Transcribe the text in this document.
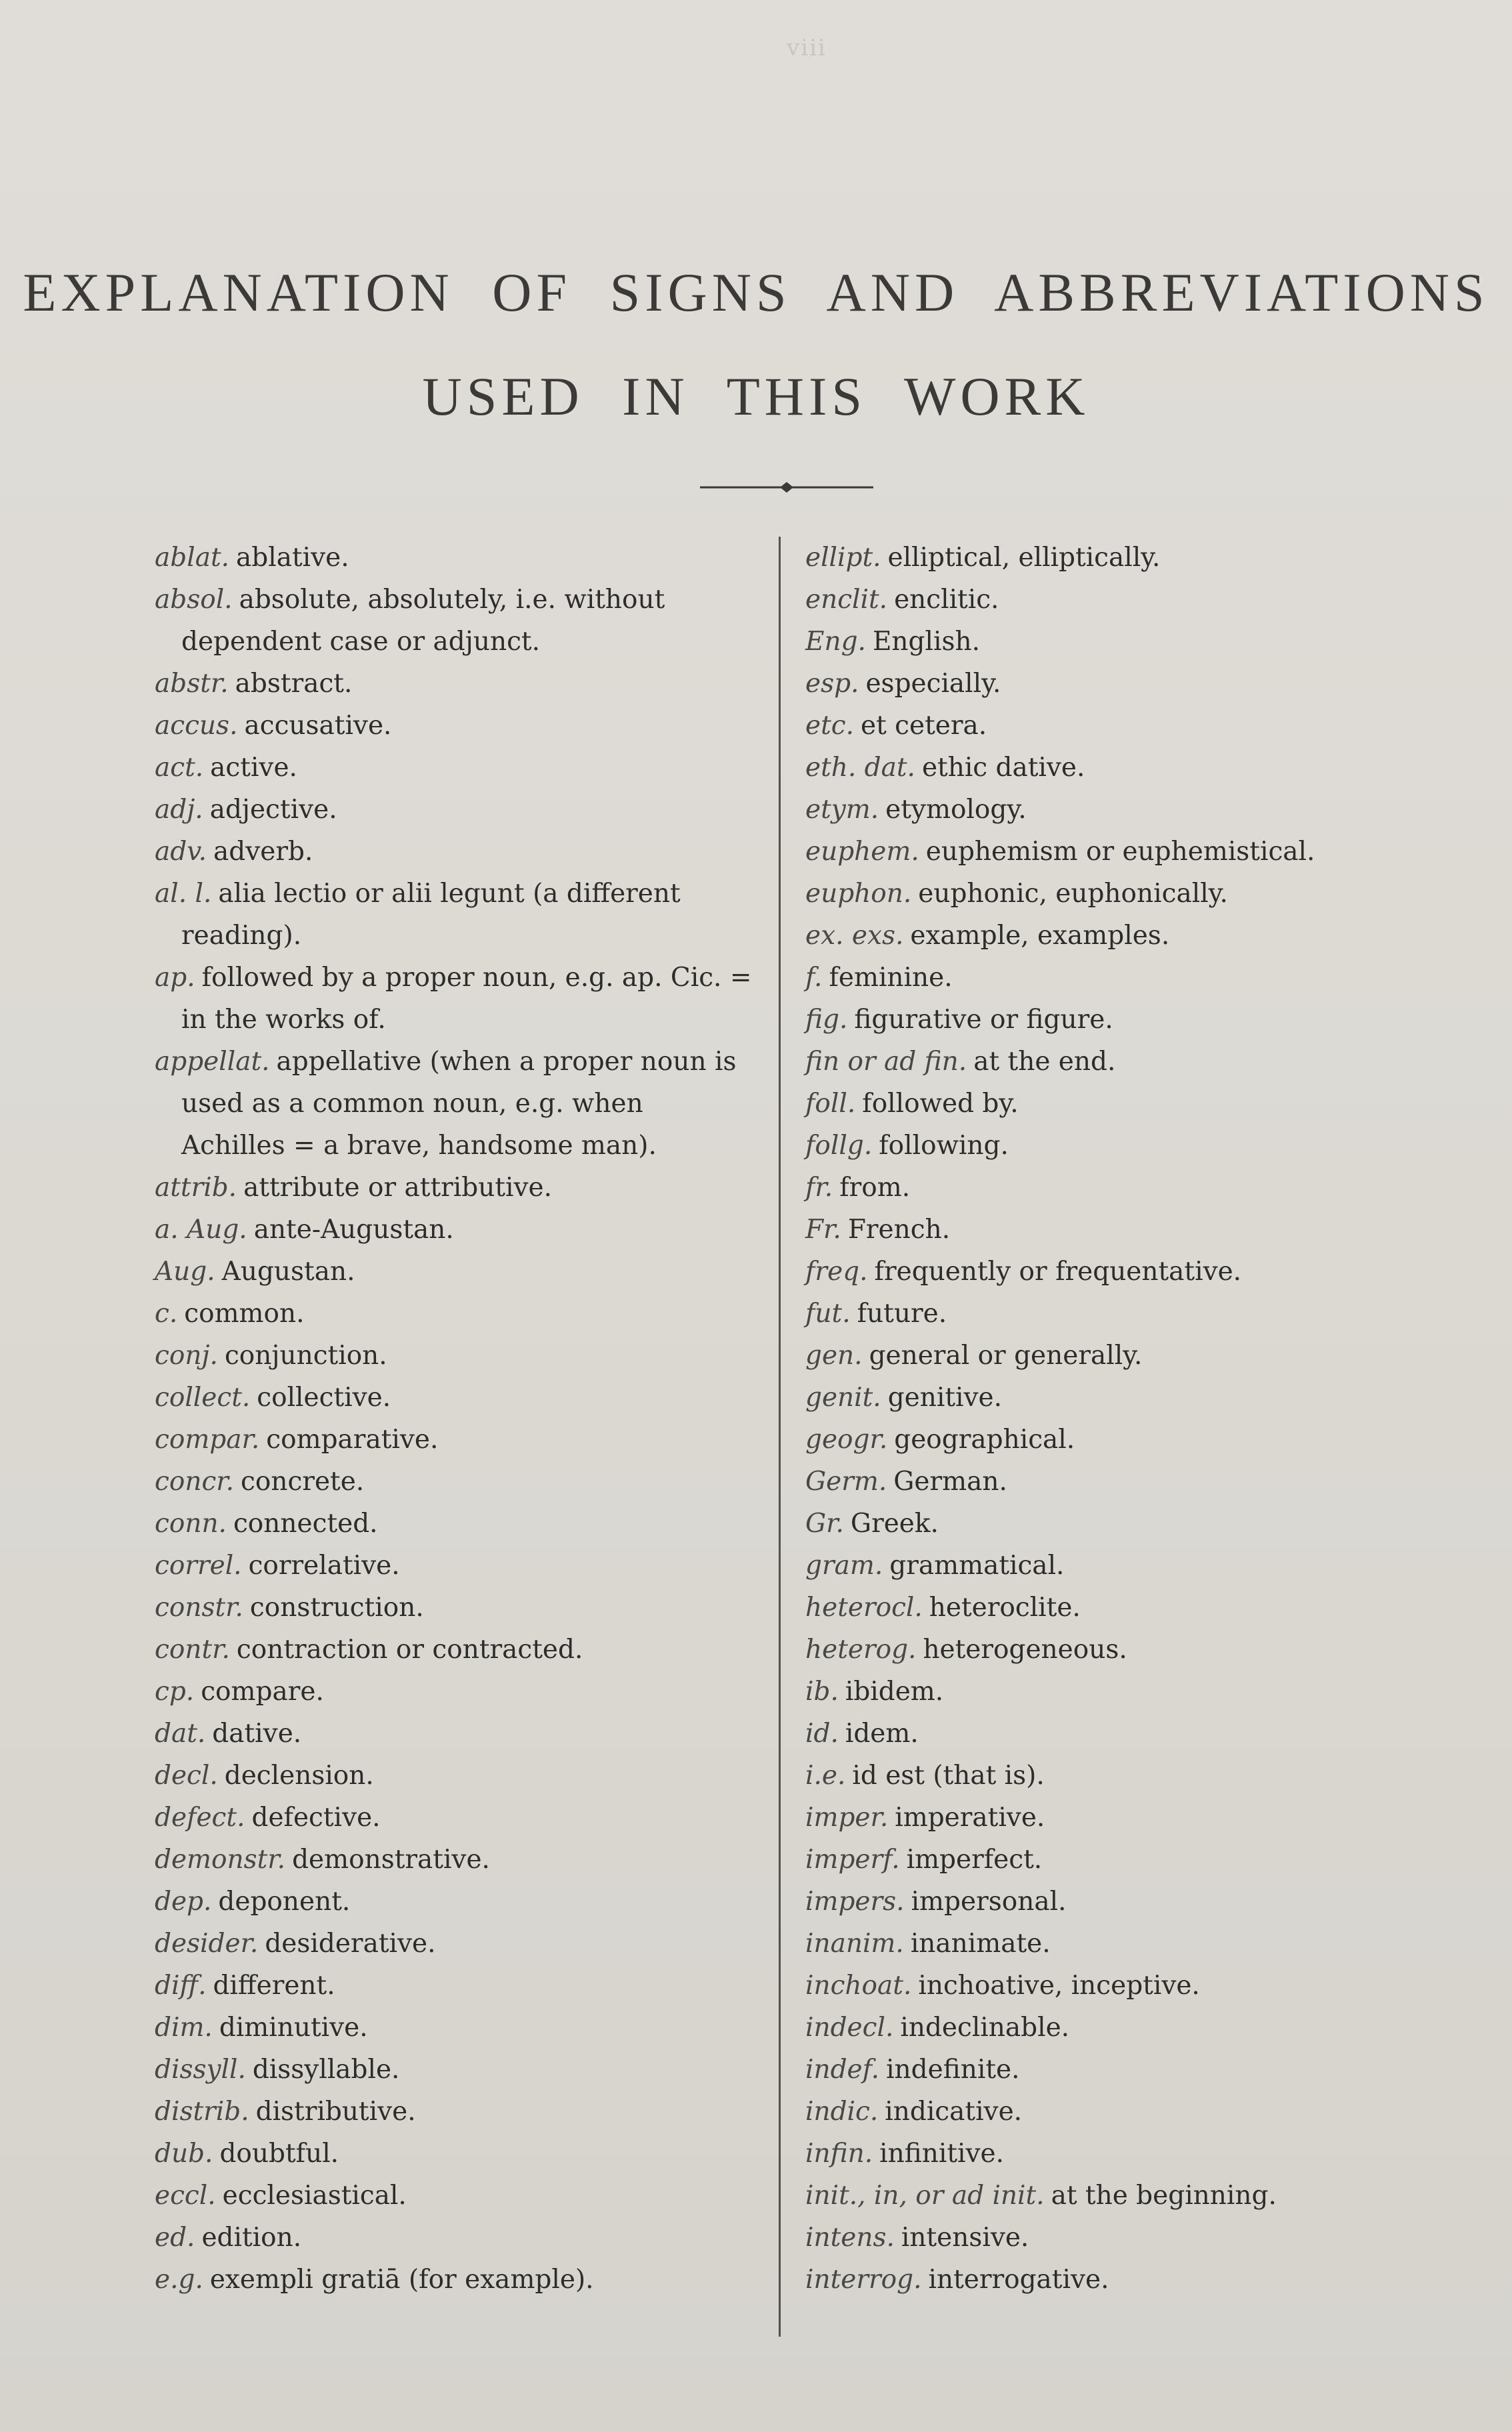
viii
EXPLANATION OF SIGNS AND ABBREVIATIONS
USED IN THIS WORK

ablat. ablative.

absol. absolute, absolutely, i.e. without dependent case or adjunct.

abstr. abstract.

accus. accusative.

act. active.

adj. adjective.

adv. adverb.

al. l. alia lectio or alii legunt (a different reading).

ap. followed by a proper noun, e.g. ap. Cic. = in the works of.

appellat. appellative (when a proper noun is used as a common noun, e.g. when Achilles = a brave, handsome man).

attrib. attribute or attributive.

a. Aug. ante-Augustan.

Aug. Augustan.

c. common.

conj. conjunction.

collect. collective.

compar. comparative.

concr. concrete.

conn. connected.

correl. correlative.

constr. construction.

contr. contraction or contracted.

cp. compare.

dat. dative.

decl. declension.

defect. defective.

demonstr. demonstrative.

dep. deponent.

desider. desiderative.

diff. different.

dim. diminutive.

dissyll. dissyllable.

distrib. distributive.

dub. doubtful.

eccl. ecclesiastical.

ed. edition.

e.g. exempli gratiā (for example).

ellipt. elliptical, elliptically.

enclit. enclitic.

Eng. English.

esp. especially.

etc. et cetera.

eth. dat. ethic dative.

etym. etymology.

euphem. euphemism or euphemistical.

euphon. euphonic, euphonically.

ex. exs. example, examples.

f. feminine.

fig. figurative or figure.

fin or ad fin. at the end.

foll. followed by.

follg. following.

fr. from.

Fr. French.

freq. frequently or frequentative.

fut. future.

gen. general or generally.

genit. genitive.

geogr. geographical.

Germ. German.

Gr. Greek.

gram. grammatical.

heterocl. heteroclite.

heterog. heterogeneous.

ib. ibidem.

id. idem.

i.e. id est (that is).

imper. imperative.

imperf. imperfect.

impers. impersonal.

inanim. inanimate.

inchoat. inchoative, inceptive.

indecl. indeclinable.

indef. indefinite.

indic. indicative.

infin. infinitive.

init., in, or ad init. at the beginning.

intens. intensive.

interrog. interrogative.
